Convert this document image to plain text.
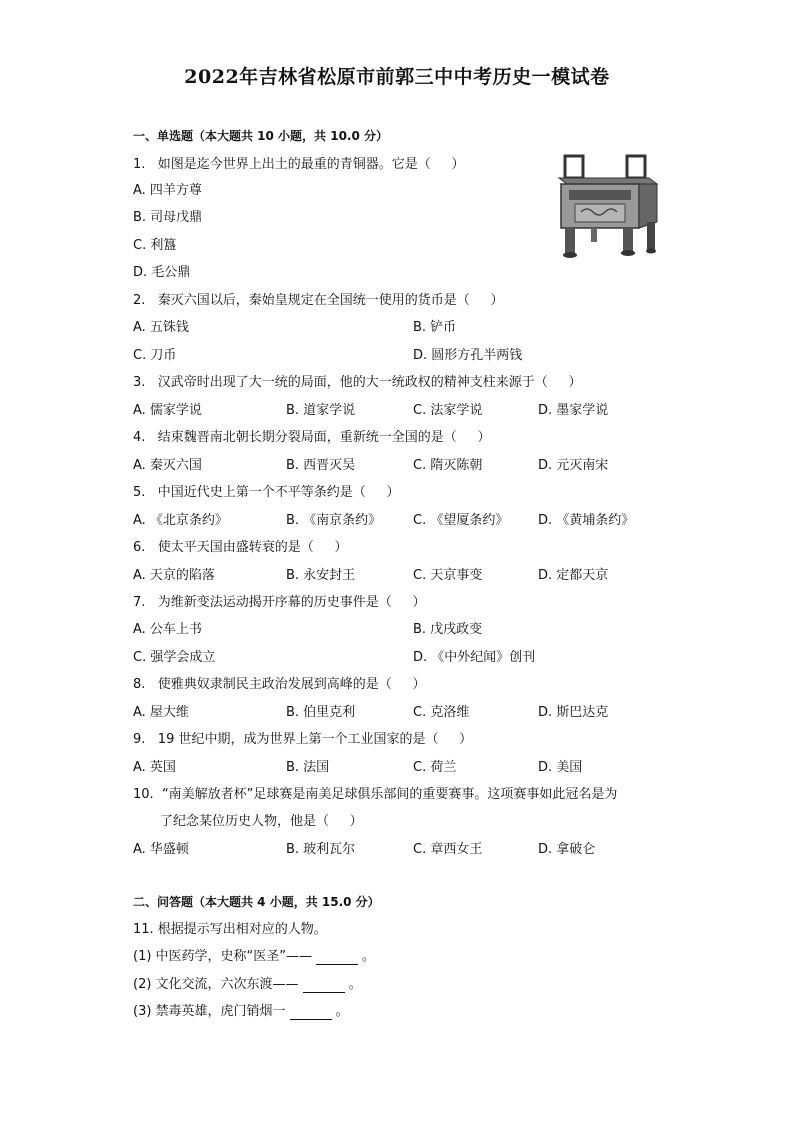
2022年吉林省松原市前郭三中中考历史一模试卷
一、单选题（本大题共 10 小题，共 10.0 分）
1.   如图是迄今世界上出土的最重的青铜器。它是（     ）
A. 四羊方尊
B. 司母戊鼎
C. 利簋
D. 毛公鼎
2.   秦灭六国以后，秦始皇规定在全国统一使用的货币是（     ）
A. 五铢钱	B. 铲币
C. 刀币	D. 圆形方孔半两钱
3.   汉武帝时出现了大一统的局面，他的大一统政权的精神支柱来源于（     ）
A. 儒家学说	B. 道家学说	C. 法家学说	D. 墨家学说
4.   结束魏晋南北朝长期分裂局面，重新统一全国的是（     ）
A. 秦灭六国	B. 西晋灭吴	C. 隋灭陈朝	D. 元灭南宋
5.   中国近代史上第一个不平等条约是（     ）
A. 《北京条约》	B. 《南京条约》 C. 《望厦条约》 D. 《黄埔条约》
6.   使太平天国由盛转衰的是（     ）
A. 天京的陷落	B. 永安封王	C. 天京事变	D. 定都天京
7.   为维新变法运动揭开序幕的历史事件是（     ）
A. 公车上书	B. 戊戌政变
C. 强学会成立	D. 《中外纪闻》创刊
8.   使雅典奴隶制民主政治发展到高峰的是（     ）
A. 屋大维	B. 伯里克利	C. 克洛维	D. 斯巴达克
9.   19 世纪中期，成为世界上第一个工业国家的是（     ）
A. 英国	B. 法国	C. 荷兰	D. 美国
10.  “南美解放者杯”足球赛是南美足球俱乐部间的重要赛事。这项赛事如此冠名是为
了纪念某位历史人物，他是（     ）
A. 华盛顿	B. 玻利瓦尔	C. 章西女王	D. 拿破仑
二、问答题（本大题共 4 小题，共 15.0 分）
11. 根据提示写出相对应的人物。
(1) 中医药学，史称“医圣”——	。
(2) 文化交流，六次东渡——	。
(3) 禁毒英雄，虎门销烟一	。
